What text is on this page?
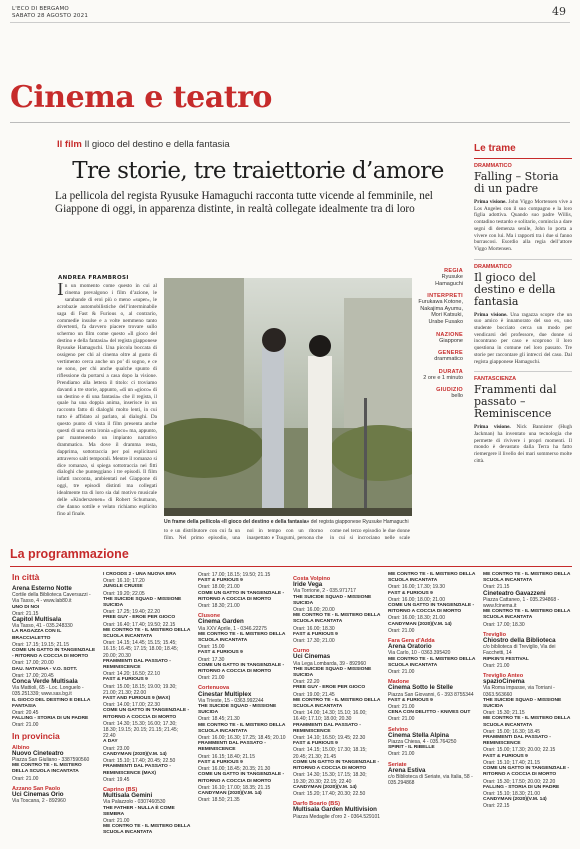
L'ECO DI BERGAMO
SABATO 28 AGOSTO 2021	49
Cinema e teatro
Il film Il gioco del destino e della fantasia
Tre storie, tre traiettorie d’amore
La pellicola del regista Ryusuke Hamaguchi racconta tutte vicende al femminile, nel Giappone di oggi, in apparenza distinte, in realtà collegate idealmente tra di loro
ANDREA FRAMBROSI
In un momento come questo in cui al cinema prevalgono i film d’azione, le sarabande di eroi più o meno «super», le acrobazie automobilistiche dell’interminabile saga di Fast & Furious o, al contrario, commedie insulse e a volte nemmeno tanto divertenti, fa davvero piacere trovare sullo schermo un film come questo «Il gioco del destino e della fantasia» del regista giapponese Ryusuke Hamaguchi. Una piccola boccata di ossigeno per chi al cinema oltre al gusto di vertimento cerca anche un po’ di sogno, e ce ne sono, per chi anche qualche spunto di riflessione da portarsi a casa dopo la visione. Prendiamo alla lettera il titolo: ci troviamo davanti a tre storie, appunto, «di un «gioco» di un destino e di una fantasia» che il regista, il quale ha una doppia anima, inserisce in un racconto fatto di dialoghi molto lenti, in cui tutto è affidato al parlato, ai dialoghi. Da questo punto di vista il film presenta anche questi di una certa ironia «gioco» ma, appunto, pur mantenendo un impianto narrativo drammatico. Ma dove il dramma resta, dapprima, sottotraccia per poi esplicitarsi attraverso salti temporali. Mentre il romanzo si dice romanzo, si spiega sottotraccia nei fitti dialoghi che punteggiano i tre episodi. Il film infatti racconta, ambientati nel Giappone di oggi, tre episodi distinti ma collegati idealmente tra di loro sia dal motivo musicale delle «Kinderszenen» di Robert Schumann, che danno sottile e velato richiamo esplicito fino al finale.
Un frame della pellicola «Il gioco del destino e della fantasia» del regista giapponese Ryusuke Hamaguchi
to e un distributore con cui fa un film. Nel primo episodio, una
noi in tempo con un ritorno inaspettato e Tsugumi, persona che
come nel terzo episodio le due donne in cui si incrociano nelle scale
REGIA
Ryusuke Hamaguchi
INTERPRETI
Furukawa Kotone, Nakajima Ayumu, Mori Katsuki, Urabe Fusako
NAZIONE
Giappone
GENERE
drammatico
DURATA
2 ore e 1 minuto
GIUDIZIO
bello
Le trame
DRAMMATICO
Falling – Storia di un padre
Prima visione. John Viggo Mortensen vive a Los Angeles con il suo compagno e la loro figlia adottiva. Quando suo padre Willis, contadino testardo e solitario, comincia a dare segni di demenza senile, John lo porta a vivere con lui. Ma i rapporti tra i due si fanno burrascosi. Esordio alla regia dell’attore Viggo Mortensen.
DRAMMATICO
Il gioco del destino e della fantasia
Prima visione. Una ragazza scopre che un suo amico è innamorato del suo ex, uno studente bocciato cerca un modo per vendicarsi del professore, due donne si incontrano per caso e scoprono il loro questiona in comune nel loro passato. Tre storie per raccontare gli intrecci del caso. Dal regista giapponese Hamaguchi.
FANTASCIENZA
Frammenti dal passato – Reminiscence
Prima visione. Nick Bannister (Hugh Jackman) ha inventato una tecnologia che permette di rivivere i propri momenti. Il mondo è devastato dalla Terra ha fatto riemergere il livello dei mari sommerso molte città.
La programmazione
In città
Arena Esterno Notte
Cortile della Biblioteca Caversazzi - Via Tasso, 4 - www.lab80.it
UNO DI NOI
Orari: 21.15
Capitol Multisala
Via Tasso, 41 - 035.248330
LA RAGAZZA CON IL BRACCIALETTO
Orari: 17.15; 19.15; 21.15
COME UN GATTO IN TANGENZIALE - RITORNO A COCCIA DI MORTO
Orari: 17.00; 20.00
DAU. NATASHA - V.O. SOTT.
Orari: 17.00; 20.45
Conca Verde Multisala
Via Mattioli, 65 - Loc. Longuelo - 035.251339; www.sas.bg.it
IL GIOCO DEL DESTINO E DELLA FANTASIA
Orari: 20.45
FALLING - STORIA DI UN PADRE
Orari: 21.00
In provincia
Albino
Nuovo Cineteatro
Piazza San Giuliano - 3387590560
ME CONTRO TE - IL MISTERO DELLA SCUOLA INCANTATA
Orari: 21.00
Azzano San Paolo
Uci Cinemas Orio
Via Toscana, 2 - 892960
I CROODS 2 - UNA NUOVA ERA
Orari: 16.10; 17.20
JUNGLE CRUISE
Orari: 19.20; 22.05
THE SUICIDE SQUAD - MISSIONE SUICIDA
Orari: 17.25; 19.40; 22.20
FREE GUY - EROE PER GIOCO
Orari: 16.40; 17.40; 19.50; 22.15
ME CONTRO TE - IL MISTERO DELLA SCUOLA INCANTATA
Orari: 14.15; 14.45; 15.15; 15.45; 16.15; 16.45; 17.15; 18.00; 18.45; 20.00; 20.30
FRAMMENTI DAL PASSATO - REMINISCENCE
Orari: 14.20; 16.50; 22.10
FAST & FURIOUS 9
Orari: 15.00; 18.15; 19.00; 19.30; 21.00; 21.30; 22.00
FAST AND FURIOUS 9 (MAX)
Orari: 14.00; 17.00; 22.30
COME UN GATTO IN TANGENZIALE - RITORNO A COCCIA DI MORTO
Orari: 14.30; 15.30; 16.00; 17.30; 18.30; 19.15; 20.15; 21.15; 21.45; 22.40
A DAY
Orari: 23.00
CANDYMAN (2020)(V.M. 14)
Orari: 15.10; 17.40; 20.45; 22.50
FRAMMENTI DAL PASSATO - REMINISCENCE (MAX)
Orari: 19.45
Caprino (BS)
Multisala Gemini
Via Palazzolo - 0307460530
THE FATHER - NULLA È COME SEMBRA
Orari: 21.00
ME CONTRO TE - IL MISTERO DELLA SCUOLA INCANTATA
Orari: 17.00; 18.15; 19.50; 21.15
FAST & FURIOUS 9
Orari: 18.00; 21.00
COME UN GATTO IN TANGENZIALE - RITORNO A COCCIA DI MORTO
Orari: 18.30; 21.00
Clusone
Cinema Garden
Via XXV Aprile, 1 - 0346.22275
ME CONTRO TE - IL MISTERO DELLA SCUOLA INCANTATA
Orari: 15.00
FAST & FURIOUS 9
Orari: 17.30
COME UN GATTO IN TANGENZIALE - RITORNO A COCCIA DI MORTO
Orari: 21.00
Cortenuova
Cinestar Multiplex
Via Trieste, 15 - 0363.992244
THE SUICIDE SQUAD - MISSIONE SUICIDA
Orari: 18.45; 21.30
ME CONTRO TE - IL MISTERO DELLA SCUOLA INCANTATA
Orari: 16.00; 16.30; 17.25; 18.45; 20.10
FRAMMENTI DAL PASSATO - REMINISCENCE
Orari: 16.15; 18.40; 21.15
FAST & FURIOUS 9
Orari: 16.00; 18.45; 20.35; 21.30
COME UN GATTO IN TANGENZIALE - RITORNO A COCCIA DI MORTO
Orari: 16.10; 17.00; 18.35; 21.15
CANDYMAN (2020)(V.M. 14)
Orari: 18.50; 21.35
Costa Volpino
Iride Vega
Via Torrione, 2 - 035.971717
THE SUICIDE SQUAD - MISSIONE SUICIDA
Orari: 16.00; 20.00
ME CONTRO TE - IL MISTERO DELLA SCUOLA INCANTATA
Orari: 16.00; 18.30
FAST & FURIOUS 9
Orari: 17.30; 21.00
Curno
Uci Cinemas
Via Lega Lombarda, 39 - 892960
THE SUICIDE SQUAD - MISSIONE SUICIDA
Orari: 22.20
FREE GUY - EROE PER GIOCO
Orari: 19.00; 21.45
ME CONTRO TE - IL MISTERO DELLA SCUOLA INCANTATA
Orari: 14.00; 14.30; 15.10; 16.00; 16.40; 17.10; 18.00; 20.30
FRAMMENTI DAL PASSATO - REMINISCENCE
Orari: 14.10; 16.50; 19.45; 22.30
FAST & FURIOUS 9
Orari: 14.15; 15.00; 17.30; 18.15; 20.45; 21.30; 21.45
COME UN GATTO IN TANGENZIALE - RITORNO A COCCIA DI MORTO
Orari: 14.30; 15.30; 17.15; 18.30; 19.30; 20.30; 22.15; 22.40
CANDYMAN (2020)(V.M. 14)
Orari: 15.20; 17.40; 20.30; 22.50
Darfo Boario (BS)
Multisala Garden Multivision
Piazza Medaglie d’oro 2 - 0364.529101
ME CONTRO TE - IL MISTERO DELLA SCUOLA INCANTATA
Orari: 16.00; 17.30; 19.30
FAST & FURIOUS 9
Orari: 16.00; 18.00; 21.00
COME UN GATTO IN TANGENZIALE - RITORNO A COCCIA DI MORTO
Orari: 16.00; 18.30; 21.00
CANDYMAN (2020)(V.M. 14)
Orari: 21.00
Fara Gera d’Adda
Arena Oratorio
Via Carlo, 10 - 0363.395420
ME CONTRO TE - IL MISTERO DELLA SCUOLA INCANTATA
Orari: 21.00
Madone
Cinema Sotto le Stelle
Piazza San Giovanni, 6 - 393 8755344
FAST & FURIOUS 9
Orari: 21.00
CENA CON DELITTO - KNIVES OUT
Orari: 21.00
Selvino
Cinema Stella Alpina
Piazza Chiesa, 4 - 035.764250
SPIRIT - IL RIBELLE
Orari: 21.00
Seriate
Arena Estiva
c/o Biblioteca di Seriate, via Italia, 58 - 035.294868
ME CONTRO TE - IL MISTERO DELLA SCUOLA INCANTATA
Orari: 21.15
Cineteatro Gavazzeni
Piazza Cattaneo, 1 - 035.294868 - www.fcinema.it
ME CONTRO TE - IL MISTERO DELLA SCUOLA INCANTATA
Orari: 17.00; 18.30
Treviglio
Chiostro della Biblioteca
c/o biblioteca di Treviglio, Via dei Facchetti, 14
RIPKIN’S FESTIVAL
Orari: 21.00
Treviglio Anteo
spazioCinema
Via Roma impasse, via Torriani - 0363.563660
THE SUICIDE SQUAD - MISSIONE SUICIDA
Orari: 15.30; 21.15
ME CONTRO TE - IL MISTERO DELLA SCUOLA INCANTATA
Orari: 15.00; 16.30; 18.45
FRAMMENTI DAL PASSATO - REMINISCENCE
Orari: 15.00; 17.30; 20.00; 22.15
FAST & FURIOUS 9
Orari: 15.10; 17.40; 21.15
COME UN GATTO IN TANGENZIALE - RITORNO A COCCIA DI MORTO
Orari: 15.30; 17.50; 20.00; 22.20
FALLING - STORIA DI UN PADRE
Orari: 15.10; 18.30; 21.00
CANDYMAN (2020)(V.M. 14)
Orari: 22.15
